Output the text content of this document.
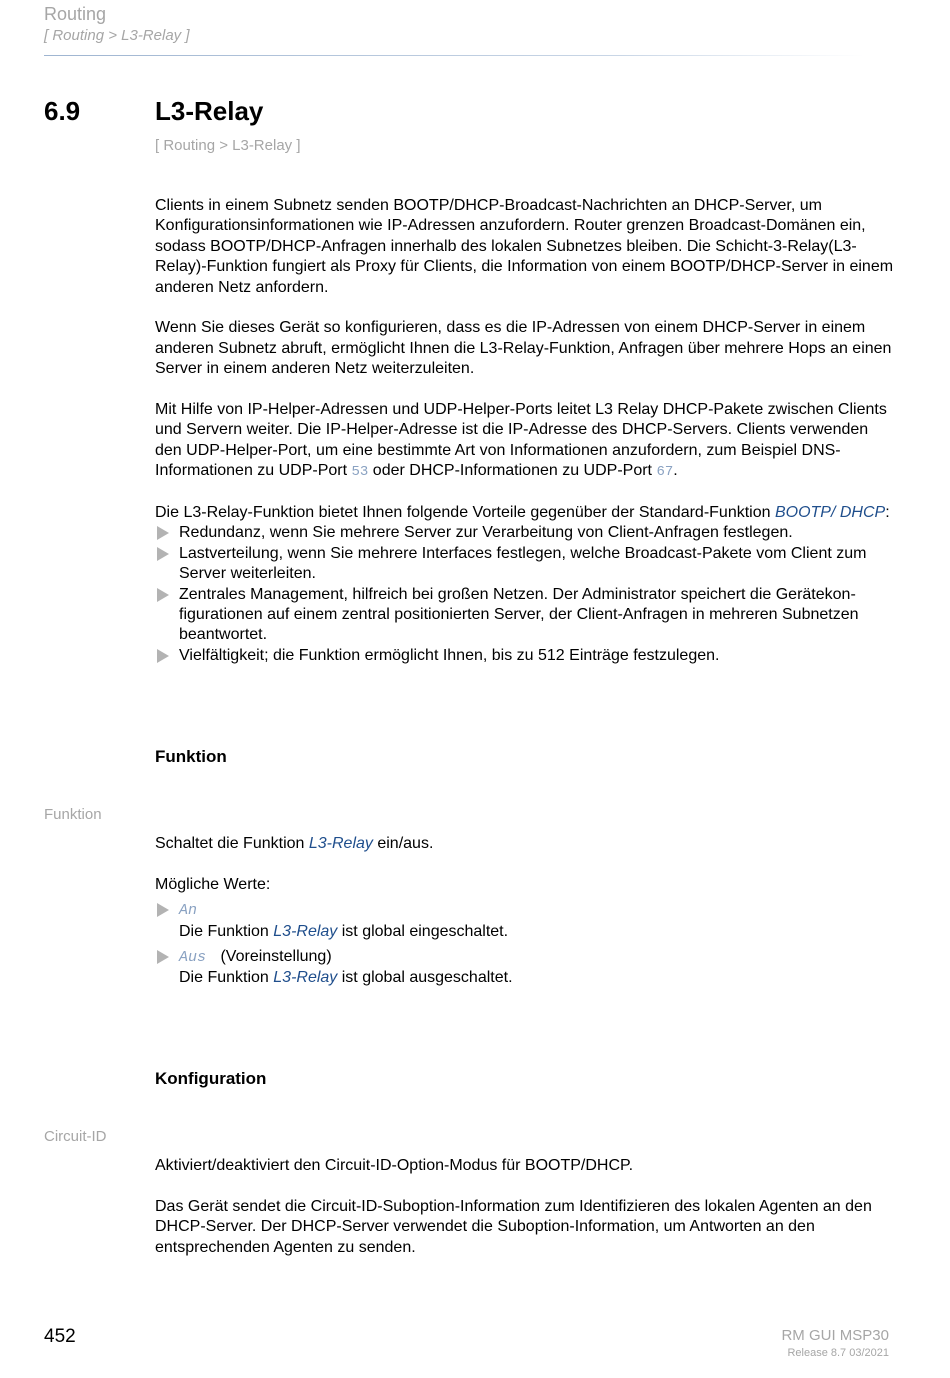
Routing
[ Routing > L3-Relay ]
6.9	L3-Relay
[ Routing > L3-Relay ]

Clients in einem Subnetz senden BOOTP/DHCP-Broadcast-Nachrichten an DHCP-Server, um Konfigurationsinformationen wie IP-Adressen anzufordern. Router grenzen Broadcast-Domänen ein, sodass BOOTP/DHCP-Anfragen innerhalb des lokalen Subnetzes bleiben. Die Schicht-3-Relay(L3-Relay)-Funktion fungiert als Proxy für Clients, die Information von einem BOOTP/DHCP-Server in einem anderen Netz anfordern.

Wenn Sie dieses Gerät so konfigurieren, dass es die IP-Adressen von einem DHCP-Server in einem anderen Subnetz abruft, ermöglicht Ihnen die L3-Relay-Funktion, Anfragen über mehrere Hops an einen Server in einem anderen Netz weiterzuleiten.

Mit Hilfe von IP-Helper-Adressen und UDP-Helper-Ports leitet L3 Relay DHCP-Pakete zwischen Clients und Servern weiter. Die IP-Helper-Adresse ist die IP-Adresse des DHCP-Servers. Clients verwenden den UDP-Helper-Port, um eine bestimmte Art von Informationen anzufordern, zum Beispiel DNS-Informationen zu UDP-Port 53 oder DHCP-Informationen zu UDP-Port 67.

Die L3-Relay-Funktion bietet Ihnen folgende Vorteile gegenüber der Standard-Funktion BOOTP/ DHCP:

Redundanz, wenn Sie mehrere Server zur Verarbeitung von Client-Anfragen festlegen.
Lastverteilung, wenn Sie mehrere Interfaces festlegen, welche Broadcast-Pakete vom Client zum Server weiterleiten.
Zentrales Management, hilfreich bei großen Netzen. Der Administrator speichert die Gerätekon-figurationen auf einem zentral positionierten Server, der Client-Anfragen in mehreren Subnetzen beantwortet.
Vielfältigkeit; die Funktion ermöglicht Ihnen, bis zu 512 Einträge festzulegen.
Funktion
Funktion

Schaltet die Funktion L3-Relay ein/aus.

Mögliche Werte:

An
Die Funktion L3-Relay ist global eingeschaltet.
Aus (Voreinstellung)
Die Funktion L3-Relay ist global ausgeschaltet.
Konfiguration
Circuit-ID

Aktiviert/deaktiviert den Circuit-ID-Option-Modus für BOOTP/DHCP.

Das Gerät sendet die Circuit-ID-Suboption-Information zum Identifizieren des lokalen Agenten an den DHCP-Server. Der DHCP-Server verwendet die Suboption-Information, um Antworten an den entsprechenden Agenten zu senden.

452	RM GUI MSP30
Release 8.7 03/2021
